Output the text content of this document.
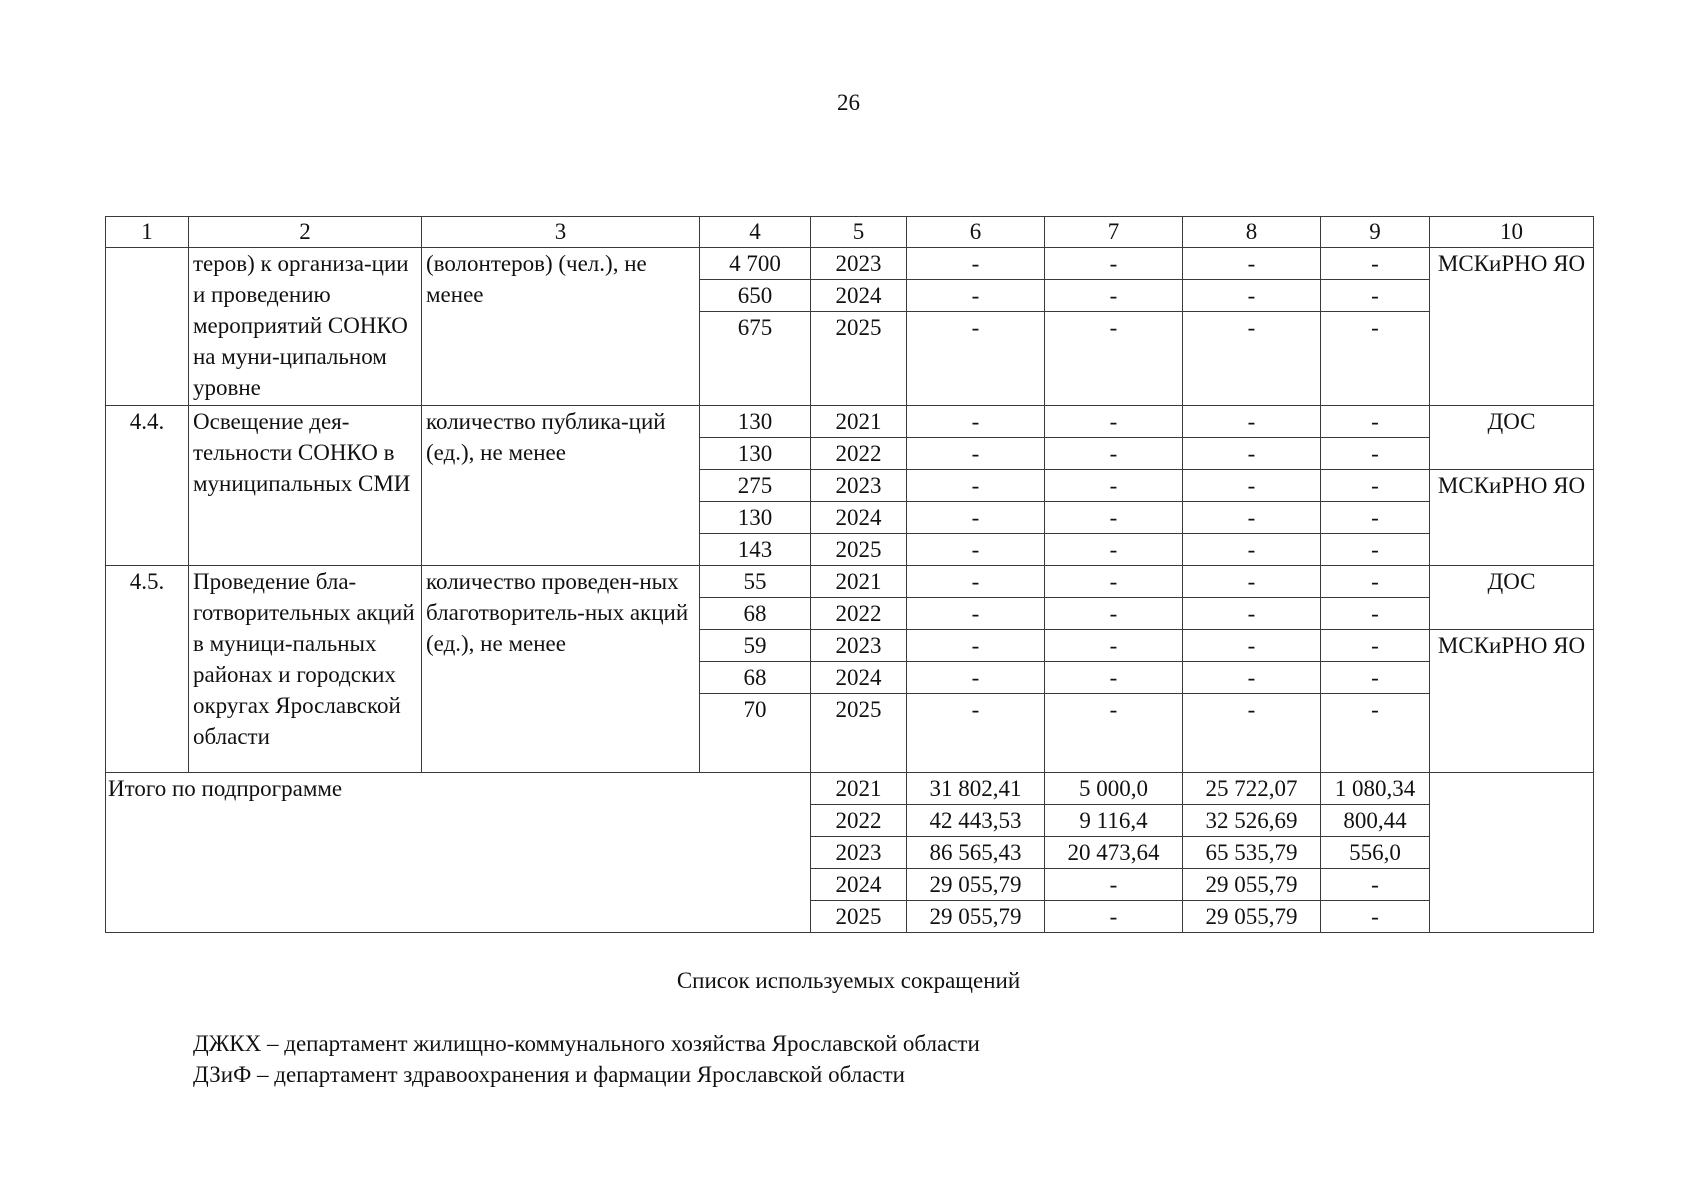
26
1	2	3	4	5	6	7	8	9	10
	теров) к организа-ции и проведению мероприятий СОНКО на муни-ципальном уровне	(волонтеров) (чел.), не менее	4 700	2023	-	-	-	-	МСКиРНО ЯО
			650	2024	-	-	-	-	
			675	2025	-	-	-	-	
4.4.	Освещение дея-тельности СОНКО в муниципальных СМИ	количество публика-ций (ед.), не менее	130	2021	-	-	-	-	ДОС
			130	2022	-	-	-	-	
			275	2023	-	-	-	-	МСКиРНО ЯО
			130	2024	-	-	-	-	
			143	2025	-	-	-	-	
4.5.	Проведение бла-готворительных акций в муници-пальных районах и городских округах Ярославской области	количество проведен-ных благотворитель-ных акций (ед.), не менее	55	2021	-	-	-	-	ДОС
			68	2022	-	-	-	-	
			59	2023	-	-	-	-	МСКиРНО ЯО
			68	2024	-	-	-	-	
			70	2025	-	-	-	-	
Итого по подпрограмме				2021	31 802,41	5 000,0	25 722,07	1 080,34	
				2022	42 443,53	9 116,4	32 526,69	800,44	
				2023	86 565,43	20 473,64	65 535,79	556,0	
				2024	29 055,79	-	29 055,79	-	
				2025	29 055,79	-	29 055,79	-	
Список используемых сокращений
ДЖКХ – департамент жилищно-коммунального хозяйства Ярославской области
ДЗиФ – департамент здравоохранения и фармации Ярославской области
